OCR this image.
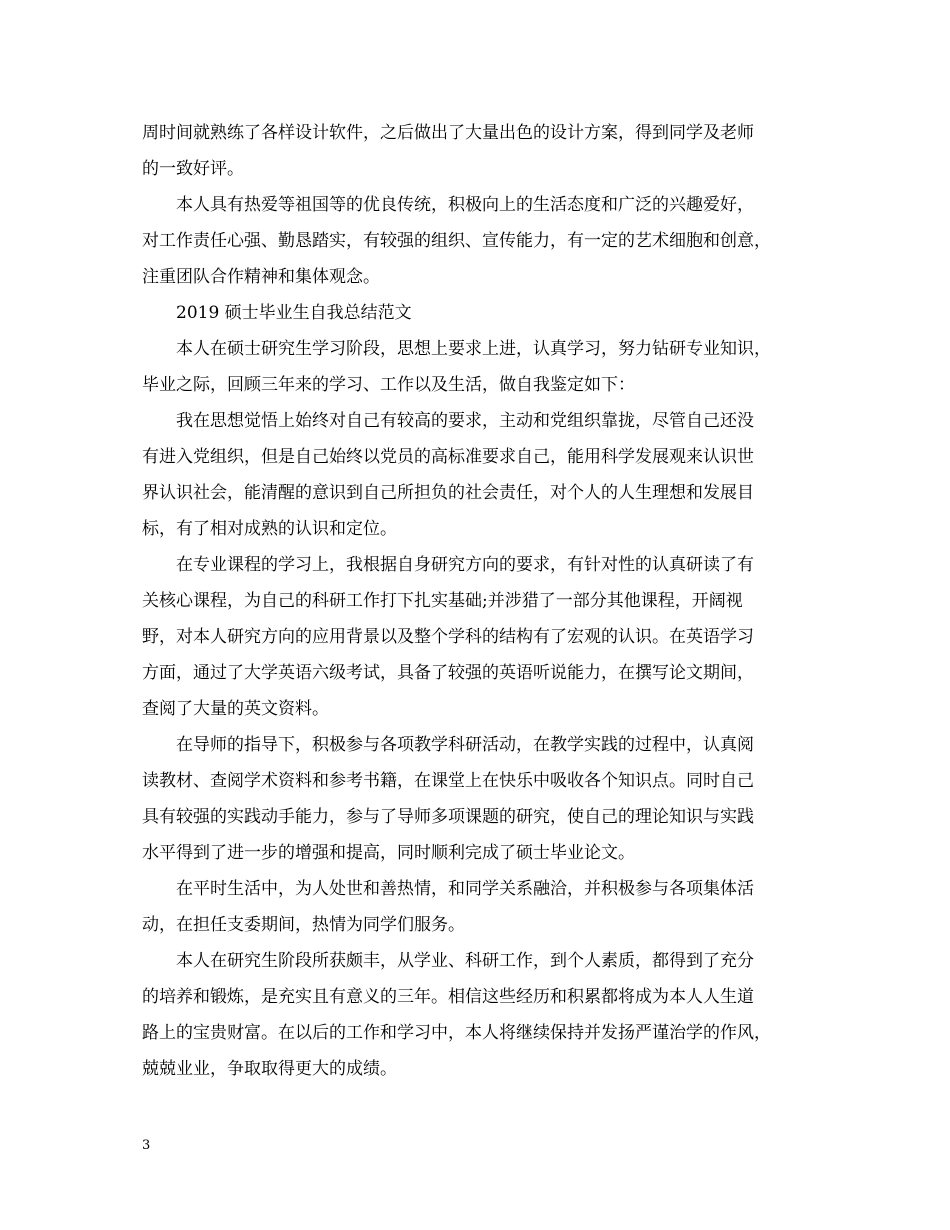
周时间就熟练了各样设计软件，之后做出了大量出色的设计方案，得到同学及老师
的一致好评。
本人具有热爱等祖国等的优良传统，积极向上的生活态度和广泛的兴趣爱好，
对工作责任心强、勤恳踏实，有较强的组织、宣传能力，有一定的艺术细胞和创意，
注重团队合作精神和集体观念。
2019 硕士毕业生自我总结范文
本人在硕士研究生学习阶段，思想上要求上进，认真学习，努力钻研专业知识，
毕业之际，回顾三年来的学习、工作以及生活，做自我鉴定如下：
我在思想觉悟上始终对自己有较高的要求，主动和党组织靠拢，尽管自己还没
有进入党组织，但是自己始终以党员的高标准要求自己，能用科学发展观来认识世
界认识社会，能清醒的意识到自己所担负的社会责任，对个人的人生理想和发展目
标，有了相对成熟的认识和定位。
在专业课程的学习上，我根据自身研究方向的要求，有针对性的认真研读了有
关核心课程，为自己的科研工作打下扎实基础;并涉猎了一部分其他课程，开阔视
野，对本人研究方向的应用背景以及整个学科的结构有了宏观的认识。在英语学习
方面，通过了大学英语六级考试，具备了较强的英语听说能力，在撰写论文期间，
查阅了大量的英文资料。
在导师的指导下，积极参与各项教学科研活动，在教学实践的过程中，认真阅
读教材、查阅学术资料和参考书籍，在课堂上在快乐中吸收各个知识点。同时自己
具有较强的实践动手能力，参与了导师多项课题的研究，使自己的理论知识与实践
水平得到了进一步的增强和提高，同时顺利完成了硕士毕业论文。
在平时生活中，为人处世和善热情，和同学关系融洽，并积极参与各项集体活
动，在担任支委期间，热情为同学们服务。
本人在研究生阶段所获颇丰，从学业、科研工作，到个人素质，都得到了充分
的培养和锻炼，是充实且有意义的三年。相信这些经历和积累都将成为本人人生道
路上的宝贵财富。在以后的工作和学习中，本人将继续保持并发扬严谨治学的作风，
兢兢业业，争取取得更大的成绩。
3
